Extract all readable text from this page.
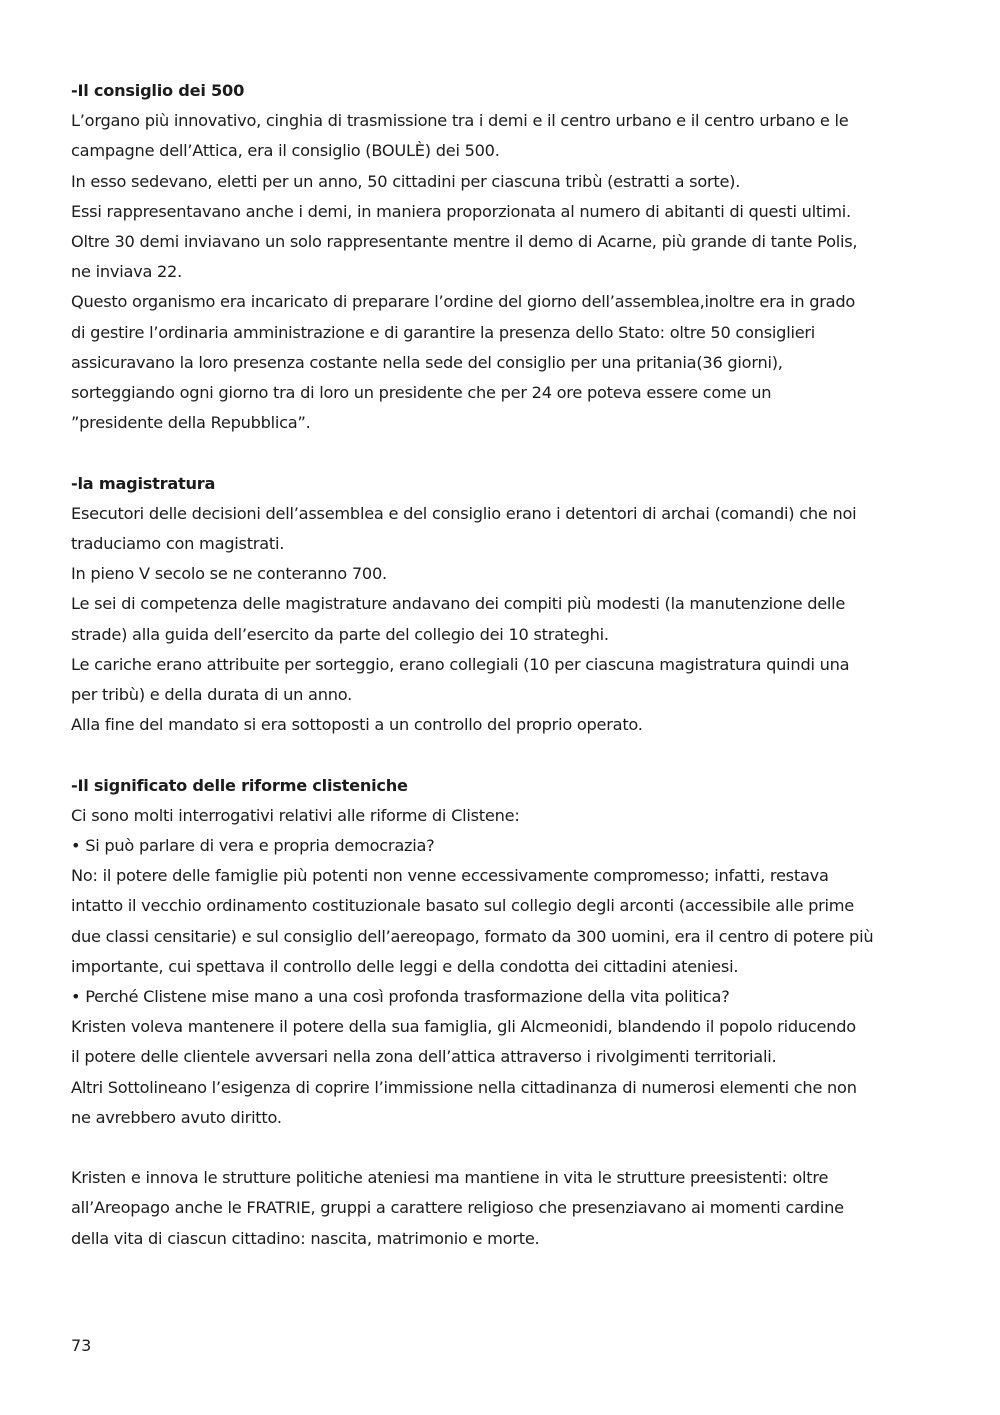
-Il consiglio dei 500
L’organo più innovativo, cinghia di trasmissione tra i demi e il centro urbano e il centro urbano e le
campagne dell’Attica, era il consiglio (BOULÈ) dei 500.
In esso sedevano, eletti per un anno, 50 cittadini per ciascuna tribù (estratti a sorte).
Essi rappresentavano anche i demi, in maniera proporzionata al numero di abitanti di questi ultimi.
Oltre 30 demi inviavano un solo rappresentante mentre il demo di Acarne, più grande di tante Polis,
ne inviava 22.
Questo organismo era incaricato di preparare l’ordine del giorno dell’assemblea,inoltre era in grado
di gestire l’ordinaria amministrazione e di garantire la presenza dello Stato: oltre 50 consiglieri
assicuravano la loro presenza costante nella sede del consiglio per una pritania(36 giorni),
sorteggiando ogni giorno tra di loro un presidente che per 24 ore poteva essere come un
”presidente della Repubblica”.
-la magistratura
Esecutori delle decisioni dell’assemblea e del consiglio erano i detentori di archai (comandi) che noi
traduciamo con magistrati.
In pieno V secolo se ne conteranno 700.
Le sei di competenza delle magistrature andavano dei compiti più modesti (la manutenzione delle
strade) alla guida dell’esercito da parte del collegio dei 10 strateghi.
Le cariche erano attribuite per sorteggio, erano collegiali (10 per ciascuna magistratura quindi una
per tribù) e della durata di un anno.
Alla fine del mandato si era sottoposti a un controllo del proprio operato.
-Il significato delle riforme clisteniche
Ci sono molti interrogativi relativi alle riforme di Clistene:
• Si può parlare di vera e propria democrazia?
No: il potere delle famiglie più potenti non venne eccessivamente compromesso; infatti, restava
intatto il vecchio ordinamento costituzionale basato sul collegio degli arconti (accessibile alle prime
due classi censitarie) e sul consiglio dell’aereopago, formato da 300 uomini, era il centro di potere più
importante, cui spettava il controllo delle leggi e della condotta dei cittadini ateniesi.
• Perché Clistene mise mano a una così profonda trasformazione della vita politica?
Kristen voleva mantenere il potere della sua famiglia, gli Alcmeonidi, blandendo il popolo riducendo
il potere delle clientele avversari nella zona dell’attica attraverso i rivolgimenti territoriali.
Altri Sottolineano l’esigenza di coprire l’immissione nella cittadinanza di numerosi elementi che non
ne avrebbero avuto diritto.
Kristen e innova le strutture politiche ateniesi ma mantiene in vita le strutture preesistenti: oltre
all’Areopago anche le FRATRIE, gruppi a carattere religioso che presenziavano ai momenti cardine
della vita di ciascun cittadino: nascita, matrimonio e morte.
73
